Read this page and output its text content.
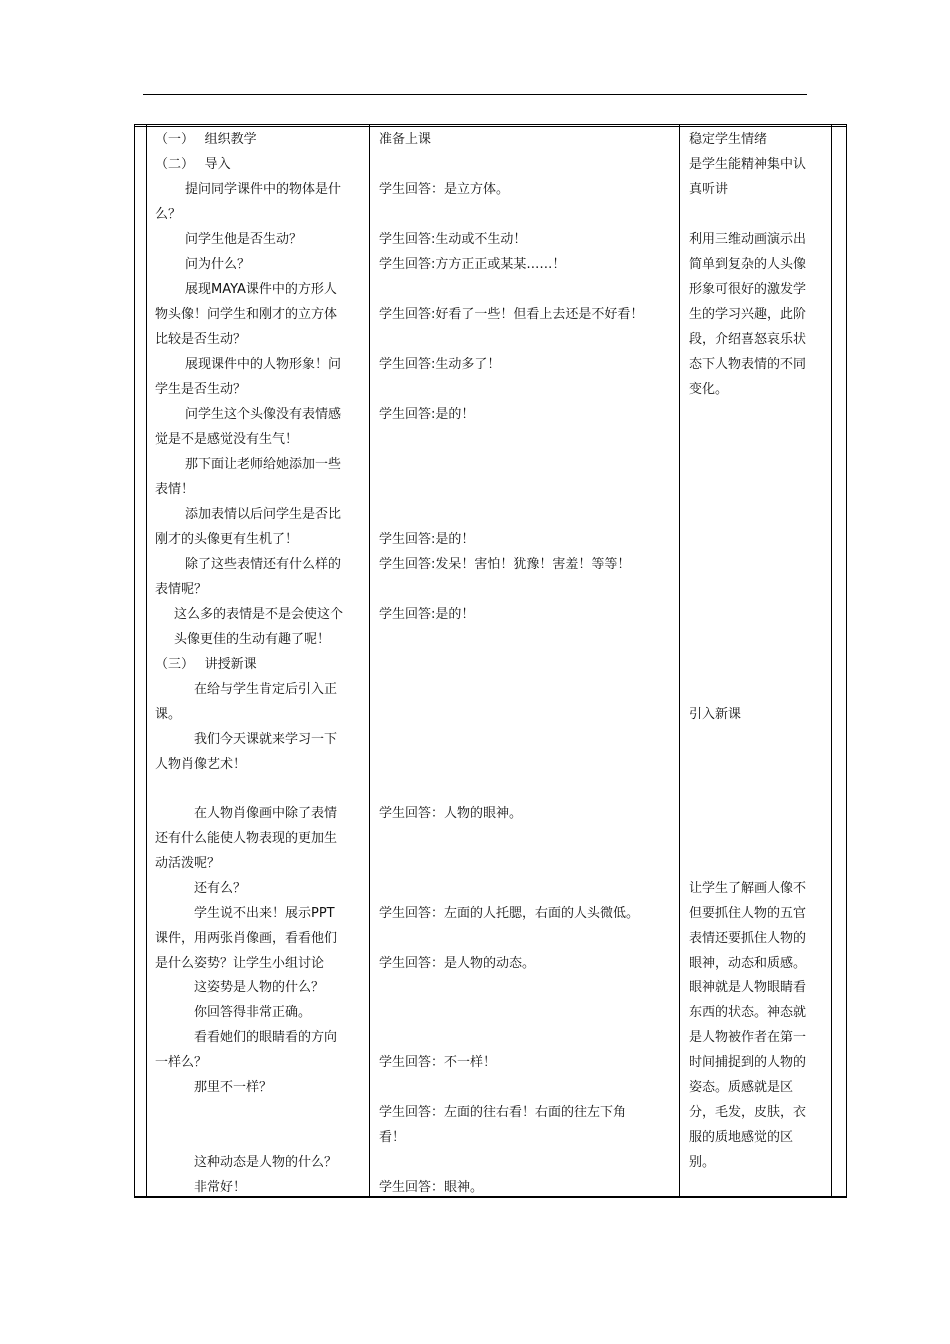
（一）　 组织教学
（二）　 导入
提问同学课件中的物体是什
么？
问学生他是否生动？
问为什么？
展现MAYA课件中的方形人
物头像！问学生和刚才的立方体
比较是否生动？
展现课件中的人物形象！问
学生是否生动？
问学生这个头像没有表情感
觉是不是感觉没有生气！
那下面让老师给她添加一些
表情！
添加表情以后问学生是否比
刚才的头像更有生机了！
除了这些表情还有什么样的
表情呢？
这么多的表情是不是会使这个
头像更佳的生动有趣了呢！
（三）　 讲授新课
在给与学生肯定后引入正
课。
我们今天课就来学习一下
人物肖像艺术！
在人物肖像画中除了表情
还有什么能使人物表现的更加生
动活泼呢？
还有么？
学生说不出来！展示PPT
课件，用两张肖像画，看看他们
是什么姿势？让学生小组讨论
这姿势是人物的什么？
你回答得非常正确。
看看她们的眼睛看的方向
一样么？
那里不一样？
这种动态是人物的什么？
非常好！
准备上课
学生回答：是立方体。
学生回答:生动或不生动！
学生回答:方方正正或某某……！
学生回答:好看了一些！但看上去还是不好看！
学生回答:生动多了！
学生回答:是的！
学生回答:是的！
学生回答:发呆！害怕！犹豫！害羞！等等！
学生回答:是的！
学生回答：人物的眼神。
学生回答：左面的人托腮，右面的人头微低。
学生回答：是人物的动态。
学生回答：不一样！
学生回答：左面的往右看！右面的往左下角
看！
学生回答：眼神。
稳定学生情绪
是学生能精神集中认
真听讲
利用三维动画演示出
简单到复杂的人头像
形象可很好的激发学
生的学习兴趣，此阶
段，介绍喜怒哀乐状
态下人物表情的不同
变化。
引入新课
让学生了解画人像不
但要抓住人物的五官
表情还要抓住人物的
眼神，动态和质感。
眼神就是人物眼睛看
东西的状态。神态就
是人物被作者在第一
时间捕捉到的人物的
姿态。质感就是区
分，毛发，皮肤，衣
服的质地感觉的区
别。
